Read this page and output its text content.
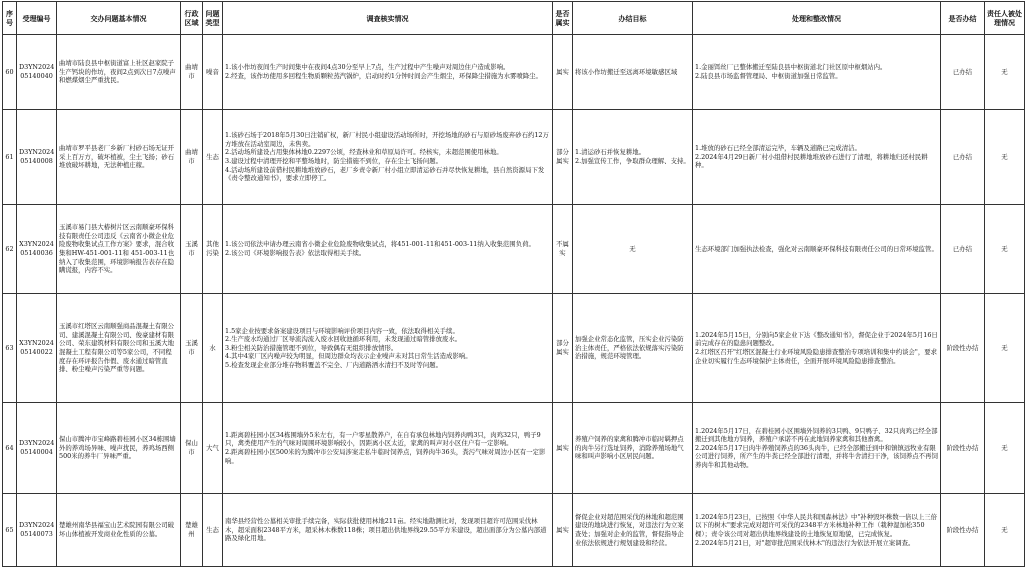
序号	受理编号	交办问题基本情况	行政区域	问题类型	调查核实情况	是否属实	办结目标	处理和整改情况	是否办结	责任人被处理情况
60	D3YN2024
05140040	曲靖市陆良县中枢街道富上社区赵家院子生产钙块的作坊，夜间2点到次日7点噪声和燃煤烟尘严重扰民。	曲靖市	噪音	1.该小作坊夜间生产时间集中在夜间4点30分至早上7点，生产过程中产生噪声对周边住户造成影响。
2.经查，该作坊使用多回程生物质颗粒蒸汽锅炉，启动时约1分钟时间会产生烟尘，环保降尘措施为水雾喷降尘。	属实	将该小作坊搬迁至远离环境敏感区域	1.金丽饵丝厂已整体搬迁至陆良县中枢街道北门社区原中枢烟站内。
2.陆良县市场监督管理局、中枢街道加强日常监管。	已办结	无
61	D3YN2024
05140008	曲靖市罗平县老厂乡新厂村砂石场无证开采上百万方，破坏植被，尘土飞扬；砂石堆放破坏耕地，无法种植庄稼。	曲靖市	生态	1.该砂石场于2018年5月30日注销矿权，新厂村民小组建设活动场所时，开挖场地的砂石与原砂场废弃砂石约12万方堆放在活动室周边，未售卖。
2.活动场所建设占用集体林地0.2297公顷，经查林业和草原局许可。经核实，未超范围使用林地。
3.建设过程中清理开挖和平整场地时，防尘措施不到位，存在尘土飞扬问题。
4.活动场所建设前借村民耕地堆放砂石，老厂乡责令新厂村小组立即清运砂石并尽快恢复耕地，县自然资源局下发《责令整改通知书》，要求立即停工。	部分属实	1.清运砂石并恢复耕地。
2.加强宣传工作，争取群众理解、支持。	1.堆放的砂石已经全部清运完毕，车辆及道路已完成清洁。
2.2024年4月29日新厂村小组借村民耕地堆放砂石进行了清理，将耕地归还村民耕种。	已办结	无
62	X3YN2024
05140036	玉溪市易门县大椿树片区云南顺豪环保科技有限责任公司违反《云南省小微企业危险废物收集试点工作方案》要求，混合收集和HW-451-001-11和 451-003-11也纳入了收集范围，环境影响报告表存在隐瞒谎报，内容不实。	玉溪市	其他污染	1.该公司依法申请办理云南省小微企业危险废物收集试点，将451-001-11和451-003-11纳入收集范围负荷。
2.该公司《环境影响报告表》依法取得相关手续。	不属实	无	生态环境部门加强执法检查，强化对云南顺豪环保科技有限责任公司的日常环境监管。	已办结	无
63	X3YN2024
05140022	玉溪市红塔区云南顺强商品混凝土有限公司、建溪混凝土有限公司、俊豪建材有限公司、荣东建筑材料有限公司和玉溪大地混凝土工程有限公司等5家公司，不同程度存在环评报告作假、废水通过暗管直排、粉尘噪声污染严重等问题。	玉溪市	水	1.5家企业按要求备案建设项目与环境影响评价项目内容一致，依法取得相关手续。
2.生产废水均通过厂区导流沟流入废水回收池循环利用，未发现通过暗管排放废水。
3.粉尘相关防治措施管理不到位，导致偶有无组织排放情形。
4.其中4家厂区内噪声较为明显，但周边群众均表示企业噪声未对其日常生活造成影响。
5.检查发现企业部分堆存物料覆盖不完全、厂内道路洒水清扫不及时等问题。	部分属实	加强企业常态化监管，压实企业污染防治主体责任，严格依法依规落实污染防治措施，规范环境管理。	1.2024年5月15日，分别向5家企业下达《整改通知书》，督促企业于2024年5月16日前完成存在的隐患问题整改。
2.红塔区召开"红塔区混凝土行业环境风险隐患排查整治专项培训和集中约谈会"，要求企业切实履行生态环境保护主体责任，全面开展环境风险隐患排查整治。	阶段性办结	无
64	D3YN2024
05140004	保山市腾冲市宝峰路碧桂园小区34栋围墙外的养鸡场异味、噪声扰民，养鸡场西侧500米的养牛厂异味严重。	保山市	大气	1.距离碧桂园小区34栋围墙外5米左右，有一户零星散养户，在自有承包林地内饲养肉鸭3只，肉鸡32只，鸭子9只，禽类使用产生的气味对周围环境影响较小，因距离小区太近，家禽的叫声对小区住户有一定影响。
2.距离碧桂园小区500米的为腾冲市公安局涉案走私牛临时饲养点，饲养肉牛36头，粪污气味对周边小区有一定影响。	属实	养殖户饲养的家禽和腾冲市临时羁押点的肉牛另行选址饲养，消除养殖场地气味和叫声影响小区居民问题。	1.2024年5月17日，在碧桂园小区围墙外饲养的3只鸭、9只鸭子、32只肉鸡已经全部搬迁到其他地方饲养，养殖户承诺不再在此地饲养家禽和其他畜禽。
2.2024年5月17日肉牛养殖饲养点的36头肉牛，已经全部搬迁到中和镇镇远牧业有限公司进行饲养，所产生的牛粪已经全部进行清理，并将牛舍清扫干净，该饲养点不再饲养肉牛和其他动物。	阶段性办结	无
65	D3YN2024
05140073	楚雄州南华县福宝山艺术院园有限公司破坏山体植被开发商业化性质的公墓。	楚雄州	生态	南华县经营性公墓相关审批手续完备，实际获批使用林地211亩。经实地勘测比对，发现项目超许可范围采伐林木，超采面积2348平方米，超采林木株数118株；项目超出供地界线29.55平方米建设，超出面部分为公墓内部道路及绿化用地。	属实	督促企业对超范围采伐的林地和超范围建设的地块进行恢复，对违法行为立案查处；加强对企业的监管，督促指导企业依法依规进行规划建设和经营。	1.2024年5月23日，已按照《中华人民共和国森林法》中"补种毁坏株数一倍以上三倍以下的树木"要求完成对超许可采伐的2348平方米林地补种工作（栽种湿加松350棵）；责令该公司对超出供地界线建设的土地恢复原地貌，已完成恢复。
2.2024年5月21日，对"超审批范围采伐林木"的违法行为依法开展立案调查。	阶段性办结	无
